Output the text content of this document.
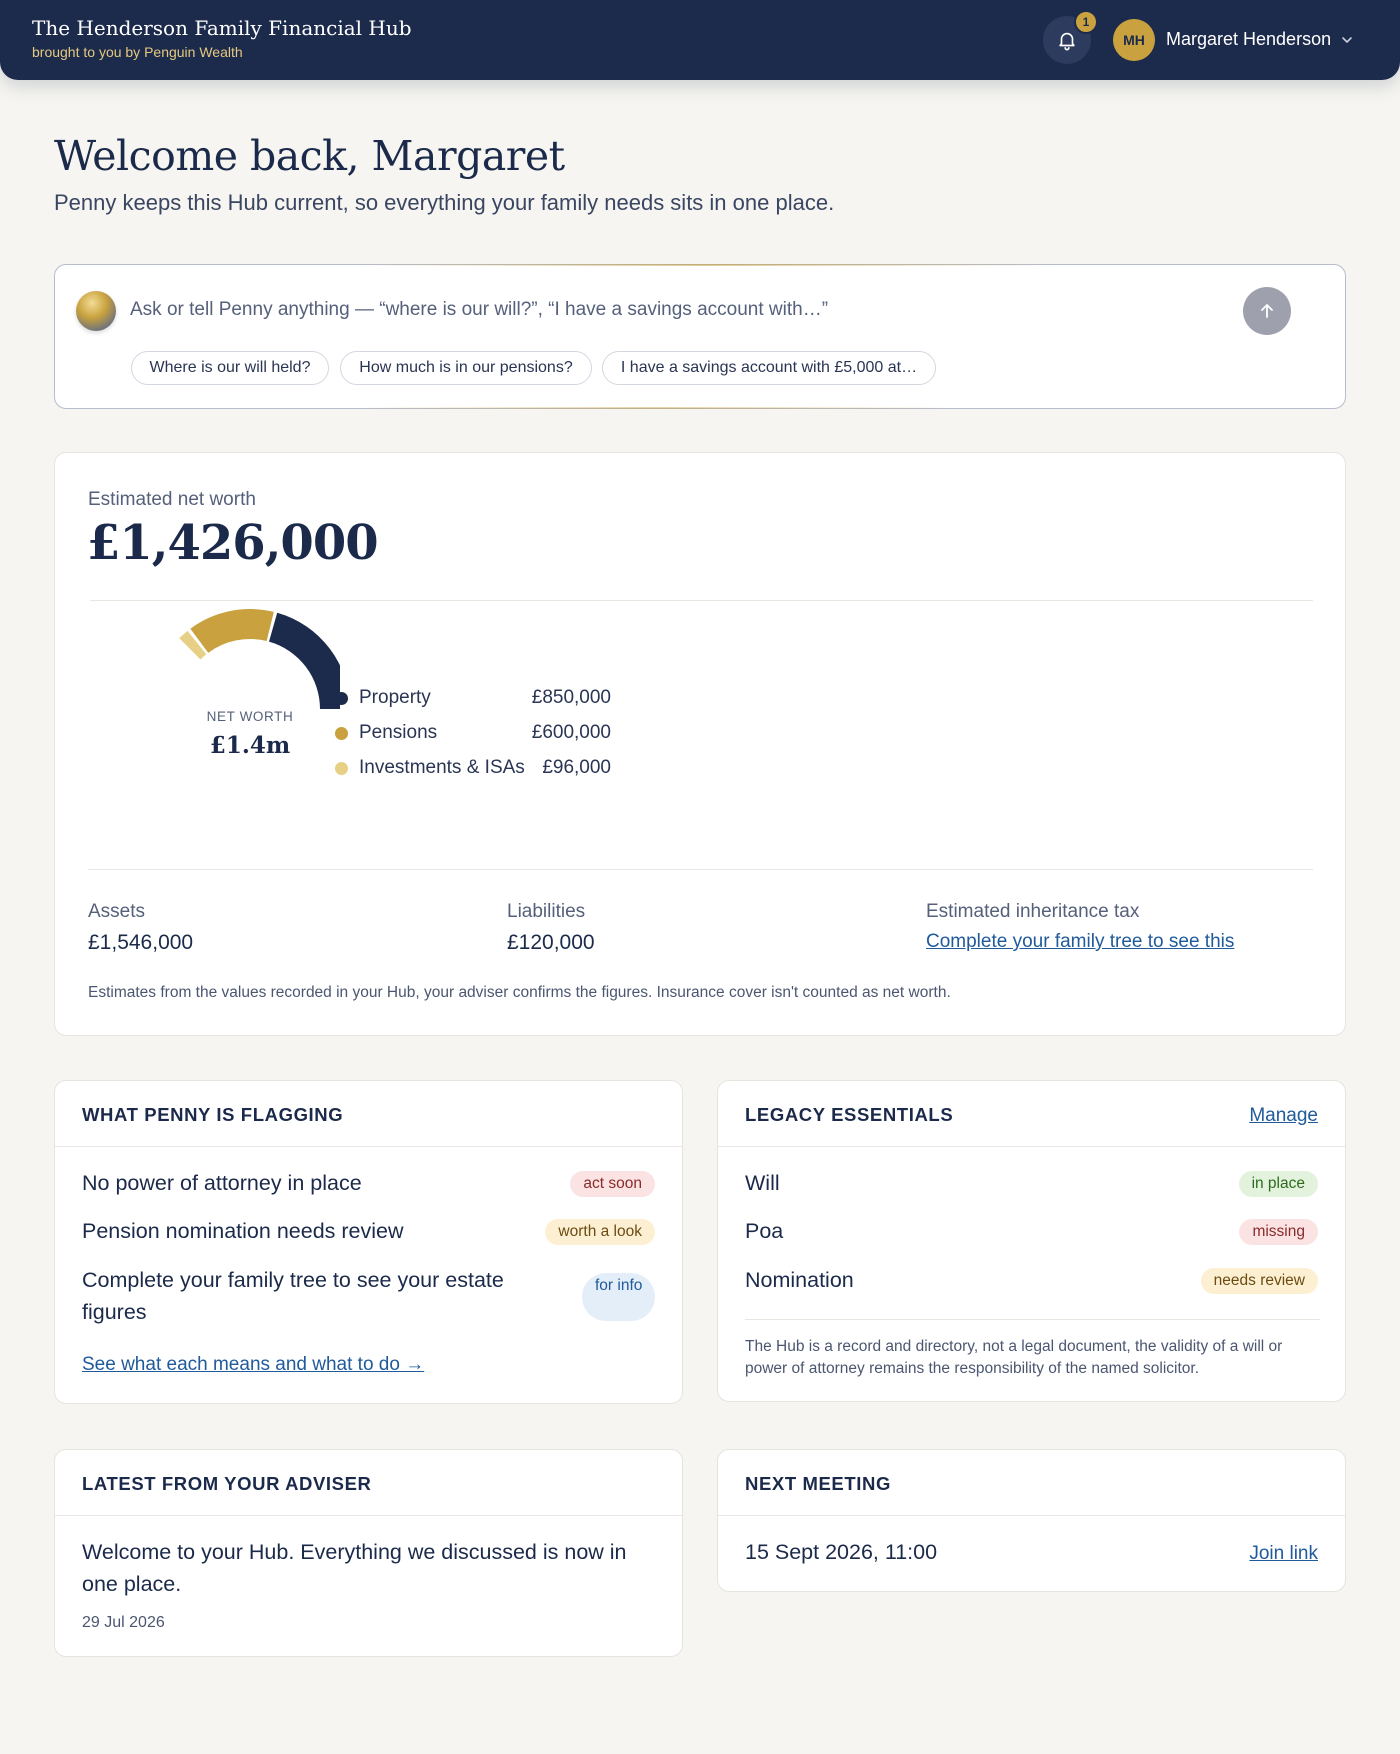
The Henderson Family Financial Hub
brought to you by Penguin Wealth
1
MH	Margaret Henderson
Welcome back, Margaret
Penny keeps this Hub current, so everything your family needs sits in one place.
Ask or tell Penny anything — “where is our will?”, “I have a savings account with…”
Where is our will held?	How much is in our pensions?	I have a savings account with £5,000 at…
Estimated net worth
£1,426,000
NET WORTH
£1.4m
Property	£850,000
Pensions	£600,000
Investments & ISAs £96,000
Assets
£1,546,000
Liabilities
£120,000
Estimated inheritance tax
Complete your family tree to see this
Estimates from the values recorded in your Hub, your adviser confirms the figures. Insurance cover isn't counted as net worth.
WHAT PENNY IS FLAGGING
No power of attorney in place	act soon
Pension nomination needs review	worth a look
Complete your family tree to see your estate figures
for info
See what each means and what to do →
LEGACY ESSENTIALS	Manage
Will	in place
Poa	missing
Nomination	needs review
The Hub is a record and directory, not a legal document, the validity of a will or power of attorney remains the responsibility of the named solicitor.
LATEST FROM YOUR ADVISER
Welcome to your Hub. Everything we discussed is now in one place.
29 Jul 2026
NEXT MEETING
15 Sept 2026, 11:00	Join link
